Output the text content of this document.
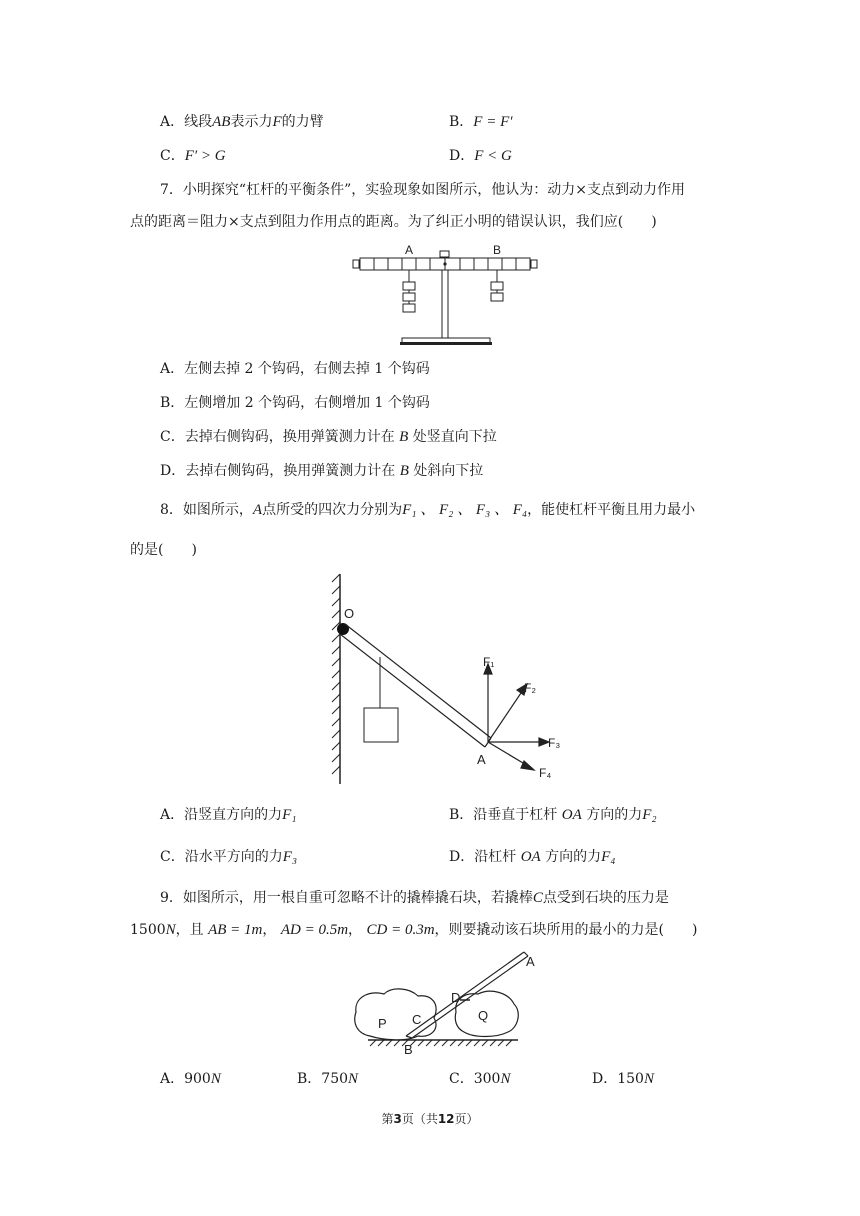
A．线段AB表示力F的力臂	B．F = F′
C．F′ > G	D．F < G
7．小明探究“杠杆的平衡条件”，实验现象如图所示，他认为：动力×支点到动力作用
点的距离＝阻力×支点到阻力作用点的距离。为了纠正小明的错误认识，我们应(　　)
A	B
A．左侧去掉 2 个钩码，右侧去掉 1 个钩码
B．左侧增加 2 个钩码，右侧增加 1 个钩码
C．去掉右侧钩码，换用弹簧测力计在 B 处竖直向下拉
D．去掉右侧钩码，换用弹簧测力计在 B 处斜向下拉
8．如图所示，A点所受的四次力分别为F₁ 、 F₂ 、 F₃ 、 F₄，能使杠杆平衡且用力最小
的是(　　)
O
F₁
F₂
F₃
F₄
A
A．沿竖直方向的力F₁	B．沿垂直于杠杆 OA 方向的力F₂
C．沿水平方向的力F₃	D．沿杠杆 OA 方向的力F₄
9．如图所示，用一根自重可忽略不计的撬棒撬石块，若撬棒C点受到石块的压力是
1500N，且 AB = 1m， AD = 0.5m， CD = 0.3m，则要撬动该石块所用的最小的力是(　　)
A
D
P C	Q
B
A．900N	B．750N	C．300N	D．150N
第3页（共12页）
